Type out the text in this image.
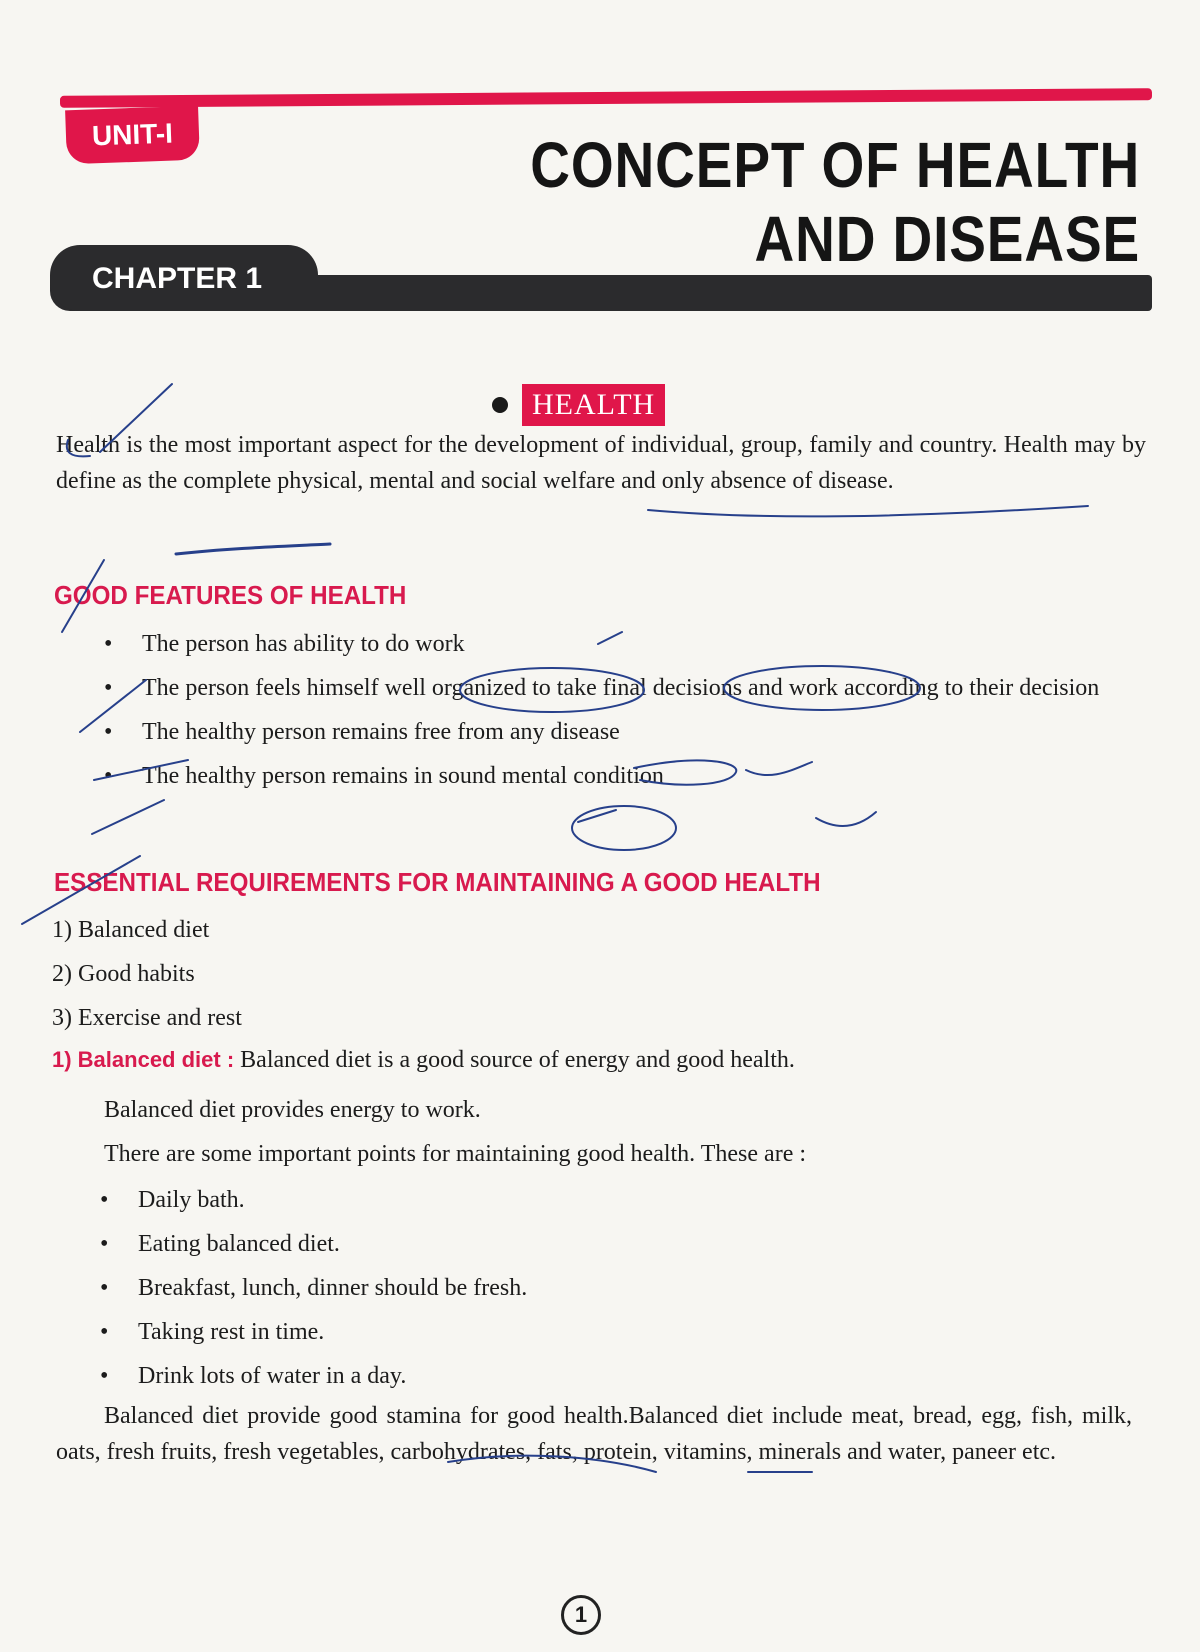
UNIT-I	CONCEPT OF HEALTH
AND DISEASE
CHAPTER 1
HEALTH

Health is the most important aspect for the development of individual, group, family and country. Health may by define as the complete physical, mental and social welfare and only absence of disease.

GOOD FEATURES OF HEALTH
• The person has ability to do work
• The person feels himself well organized to take final decisions and work according to their decision
• The healthy person remains free from any disease
• The healthy person remains in sound mental condition
ESSENTIAL REQUIREMENTS FOR MAINTAINING A GOOD HEALTH
1) Balanced diet
2) Good habits
3) Exercise and rest
1) Balanced diet : Balanced diet is a good source of energy and good health.
Balanced diet provides energy to work.
There are some important points for maintaining good health. These are :
• Daily bath.
• Eating balanced diet.
• Breakfast, lunch, dinner should be fresh.
• Taking rest in time.
• Drink lots of water in a day.

Balanced diet provide good stamina for good health.Balanced diet include meat, bread, egg, fish, milk, oats, fresh fruits, fresh vegetables, carbohydrates, fats, protein, vitamins, minerals and water, paneer etc.

1
